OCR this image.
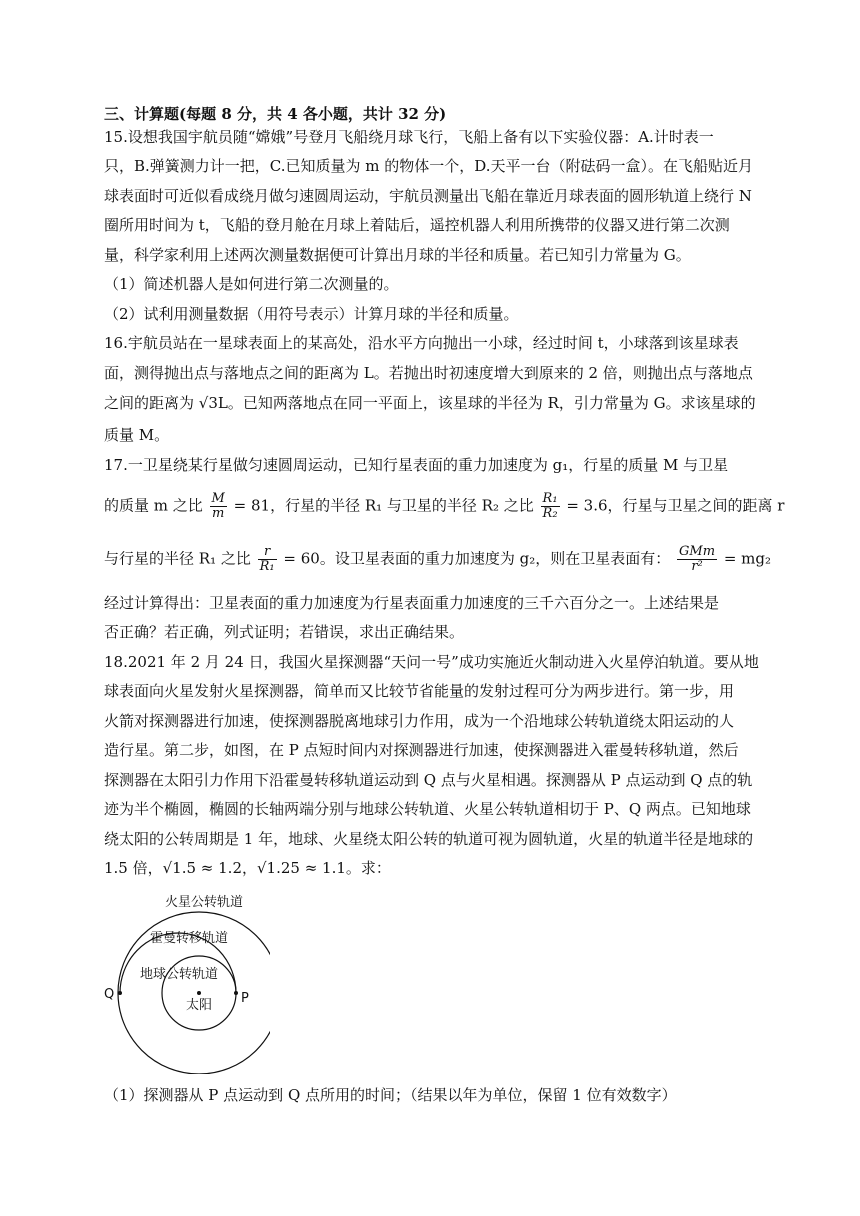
三、计算题(每题 8 分，共 4 各小题，共计 32 分)
15.设想我国宇航员随“嫦娥”号登月飞船绕月球飞行，飞船上备有以下实验仪器：A.计时表一
只，B.弹簧测力计一把，C.已知质量为 m 的物体一个，D.天平一台（附砝码一盒）。在飞船贴近月
球表面时可近似看成绕月做匀速圆周运动，宇航员测量出飞船在靠近月球表面的圆形轨道上绕行 N
圈所用时间为 t，飞船的登月舱在月球上着陆后，遥控机器人利用所携带的仪器又进行第二次测
量，科学家利用上述两次测量数据便可计算出月球的半径和质量。若已知引力常量为 G。
（1）简述机器人是如何进行第二次测量的。
（2）试利用测量数据（用符号表示）计算月球的半径和质量。
16.宇航员站在一星球表面上的某高处，沿水平方向抛出一小球，经过时间 t，小球落到该星球表
面，测得抛出点与落地点之间的距离为 L。若抛出时初速度增大到原来的 2 倍，则抛出点与落地点
之间的距离为 √3L。已知两落地点在同一平面上，该星球的半径为 R，引力常量为 G。求该星球的
质量 M。
17.一卫星绕某行星做匀速圆周运动，已知行星表面的重力加速度为 g₁，行星的质量 M 与卫星
的质量 m 之比 $\frac{M}{m} = 81$，行星的半径 R₁ 与卫星的半径 R₂ 之比 $\frac{\text{R₁}}{\text{R₂}} = 3.6$，行星与卫星之间的距离 r
与行星的半径 R₁ 之比 $\frac{r}{\text{R₁}} = 60$。设卫星表面的重力加速度为 g₂，则在卫星表面有： $\frac{\text{GMm}}{\text{r²}} = mg_2$
经过计算得出：卫星表面的重力加速度为行星表面重力加速度的三千六百分之一。上述结果是
否正确？若正确，列式证明；若错误，求出正确结果。
18.2021 年 2 月 24 日，我国火星探测器“天问一号”成功实施近火制动进入火星停泊轨道。要从地
球表面向火星发射火星探测器，简单而又比较节省能量的发射过程可分为两步进行。第一步，用
火箭对探测器进行加速，使探测器脱离地球引力作用，成为一个沿地球公转轨道绕太阳运动的人
造行星。第二步，如图，在 P 点短时间内对探测器进行加速，使探测器进入霍曼转移轨道，然后
探测器在太阳引力作用下沿霍曼转移轨道运动到 Q 点与火星相遇。探测器从 P 点运动到 Q 点的轨
迹为半个椭圆，椭圆的长轴两端分别与地球公转轨道、火星公转轨道相切于 P、Q 两点。已知地球
绕太阳的公转周期是 1 年，地球、火星绕太阳公转的轨道可视为圆轨道，火星的轨道半径是地球的
1.5 倍，√1.5 ≈ 1.2，√1.25 ≈ 1.1。求：
火星公转轨道
霍曼转移轨道
地球公转轨道
太阳
Q	P
（1）探测器从 P 点运动到 Q 点所用的时间；（结果以年为单位，保留 1 位有效数字）
